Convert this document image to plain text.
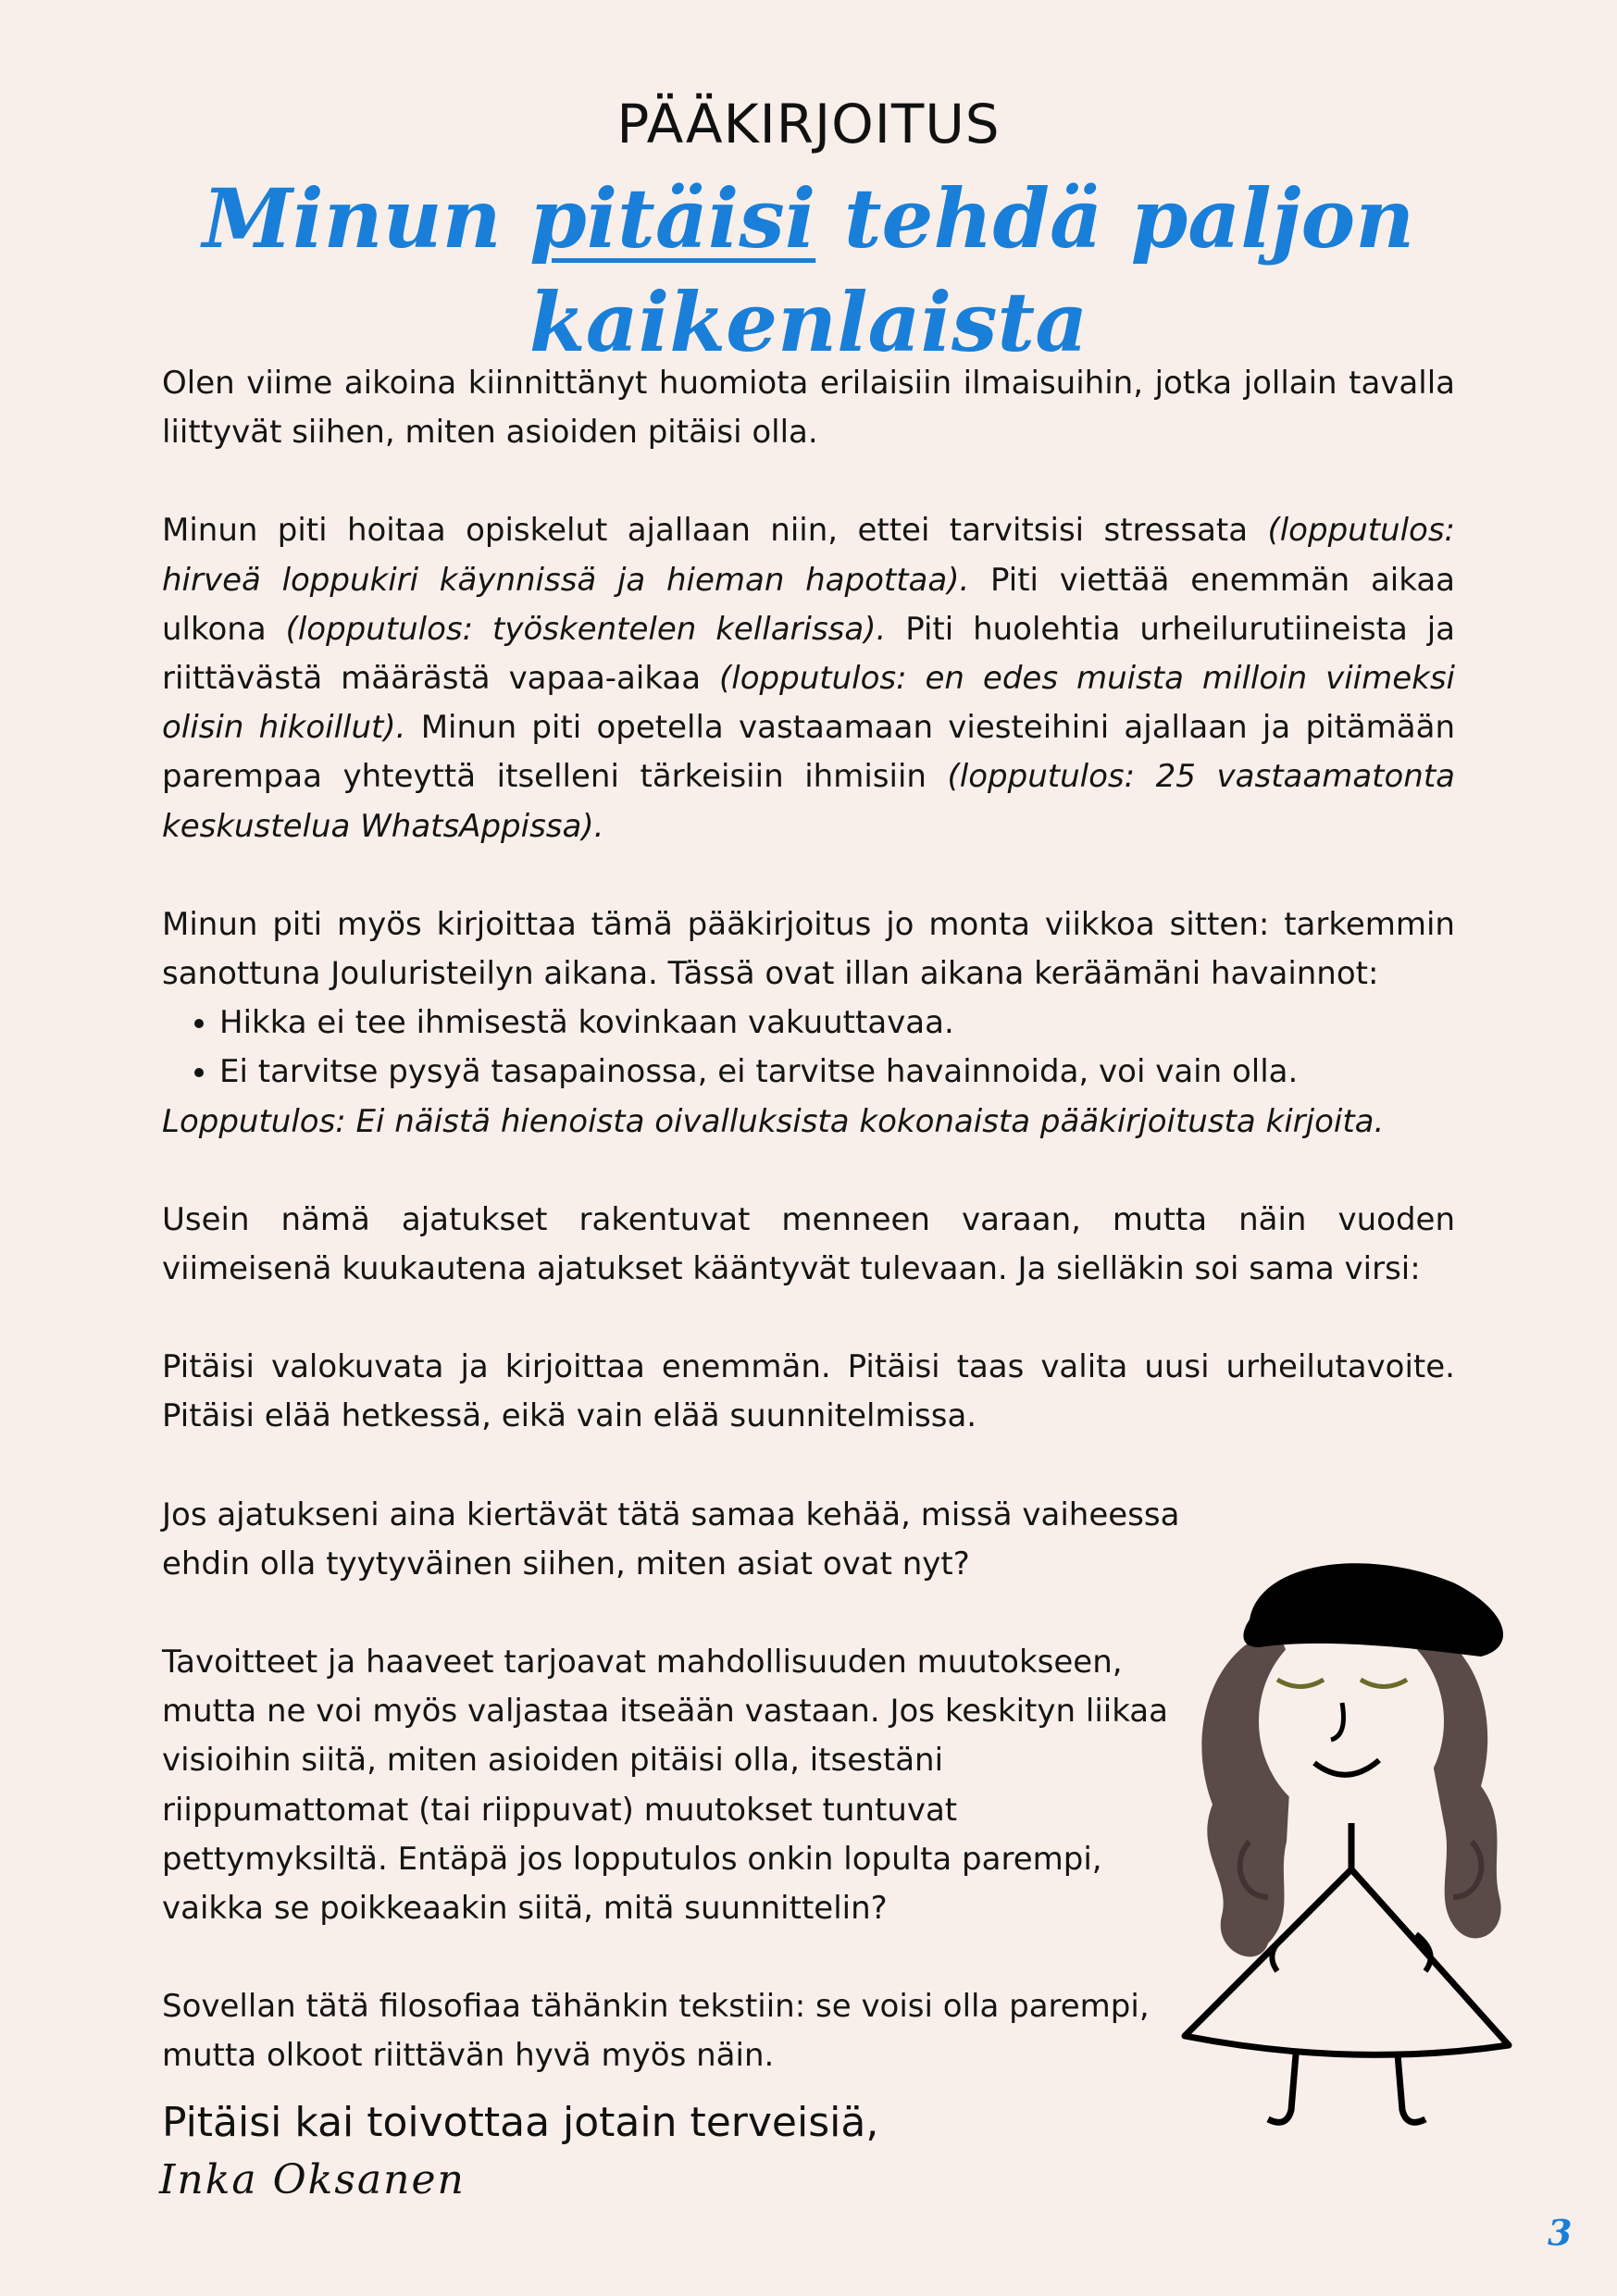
PÄÄKIRJOITUS
Minun pitäisi tehdä paljon
kaikenlaista

Olen viime aikoina kiinnittänyt huomiota erilaisiin ilmaisuihin, jotka jollain tavalla liittyvät siihen, miten asioiden pitäisi olla.

Minun piti hoitaa opiskelut ajallaan niin, ettei tarvitsisi stressata (lopputulos: hirveä loppukiri käynnissä ja hieman hapottaa). Piti viettää enemmän aikaa ulkona (lopputulos: työskentelen kellarissa). Piti huolehtia urheilurutiineista ja riittävästä määrästä vapaa-aikaa (lopputulos: en edes muista milloin viimeksi olisin hikoillut). Minun piti opetella vastaamaan viesteihini ajallaan ja pitämään parempaa yhteyttä itselleni tärkeisiin ihmisiin (lopputulos: 25 vastaamatonta keskustelua WhatsAppissa).

Minun piti myös kirjoittaa tämä pääkirjoitus jo monta viikkoa sitten: tarkemmin sanottuna Jouluristeilyn aikana. Tässä ovat illan aikana keräämäni havainnot:

• Hikka ei tee ihmisestä kovinkaan vakuuttavaa.
• Ei tarvitse pysyä tasapainossa, ei tarvitse havainnoida, voi vain olla.

Lopputulos: Ei näistä hienoista oivalluksista kokonaista pääkirjoitusta kirjoita.

Usein nämä ajatukset rakentuvat menneen varaan, mutta näin vuoden viimeisenä kuukautena ajatukset kääntyvät tulevaan. Ja sielläkin soi sama virsi:

Pitäisi valokuvata ja kirjoittaa enemmän. Pitäisi taas valita uusi urheilutavoite. Pitäisi elää hetkessä, eikä vain elää suunnitelmissa.

Jos ajatukseni aina kiertävät tätä samaa kehää, missä vaiheessa ehdin olla tyytyväinen siihen, miten asiat ovat nyt?

Tavoitteet ja haaveet tarjoavat mahdollisuuden muutokseen, mutta ne voi myös valjastaa itseään vastaan. Jos keskityn liikaa visioihin siitä, miten asioiden pitäisi olla, itsestäni riippumattomat (tai riippuvat) muutokset tuntuvat pettymyksiltä. Entäpä jos lopputulos onkin lopulta parempi, vaikka se poikkeaakin siitä, mitä suunnittelin?

Sovellan tätä filosofiaa tähänkin tekstiin: se voisi olla parempi, mutta olkoot riittävän hyvä myös näin.

Pitäisi kai toivottaa jotain terveisiä,
Inka Oksanen
3
